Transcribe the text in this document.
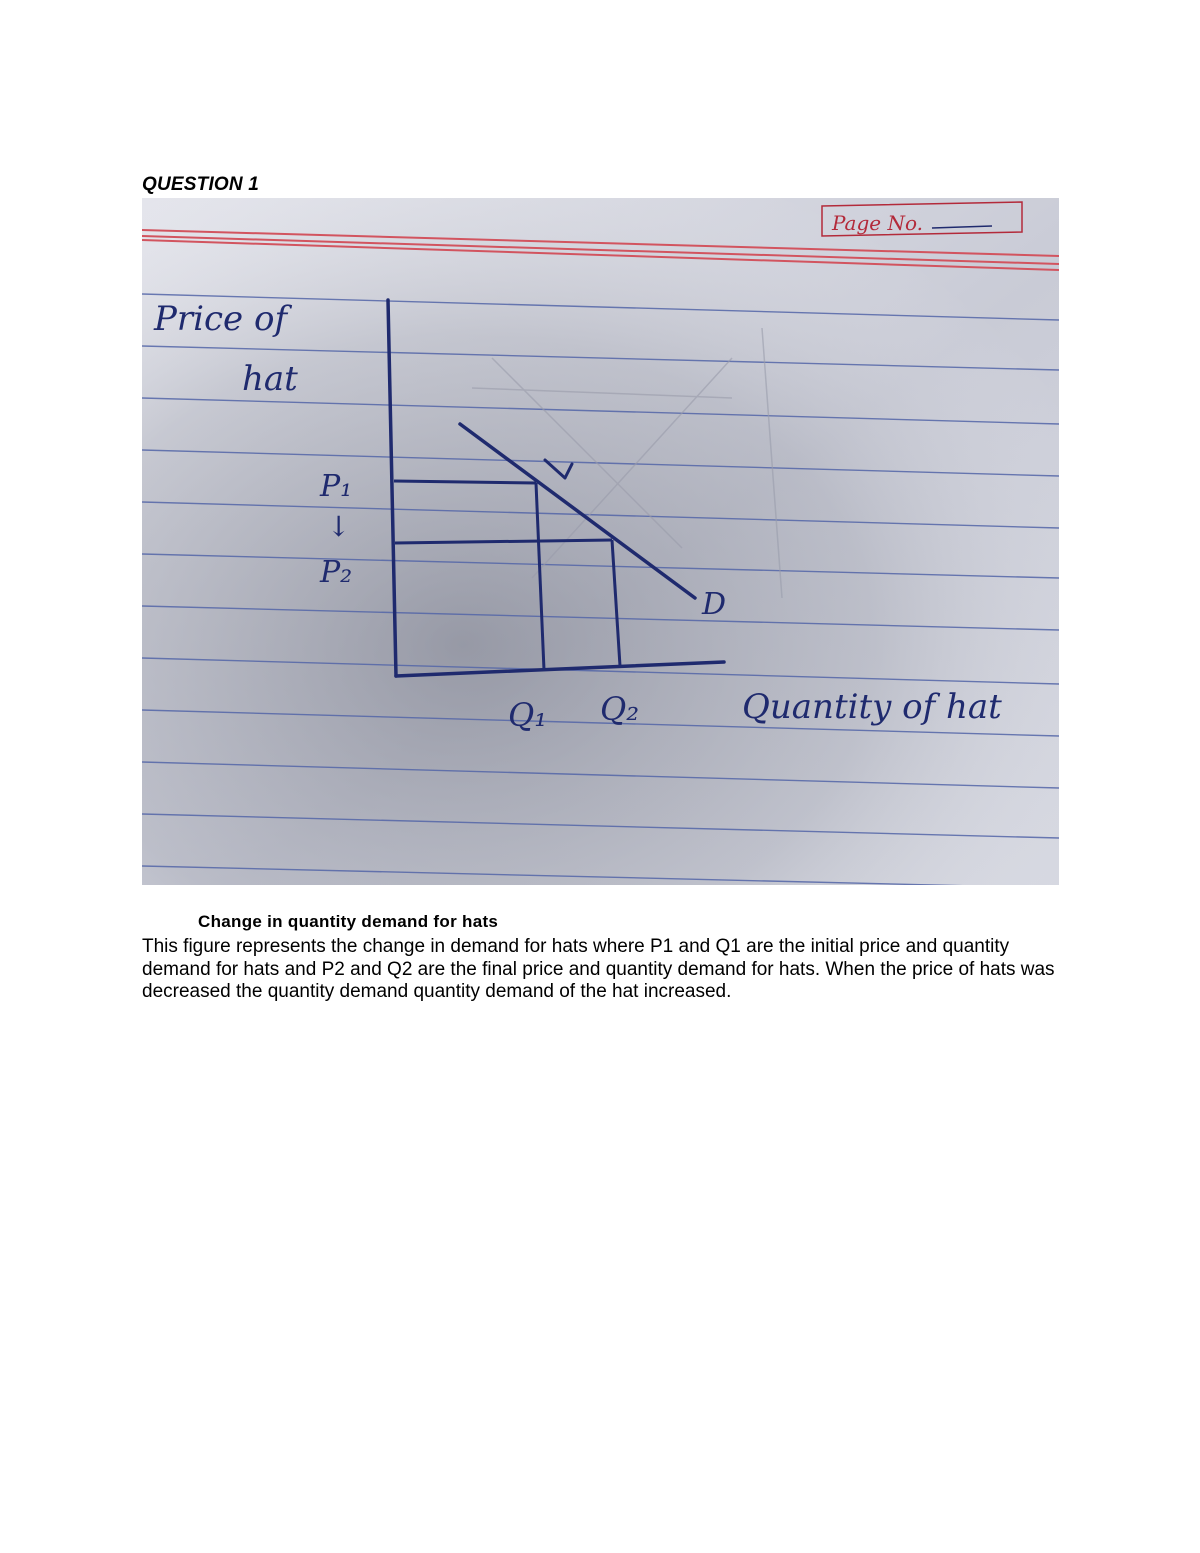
QUESTION 1
Page No.
Price of
hat
P₁
↓
P₂
D
Q₁ Q₂	Quantity of hat
Change in quantity demand for hats
This figure represents the change in demand for hats where P1 and Q1 are the initial price and quantity demand for hats and P2 and Q2 are the final price and quantity demand for hats. When the price of hats was decreased the quantity demand quantity demand of the hat increased.
